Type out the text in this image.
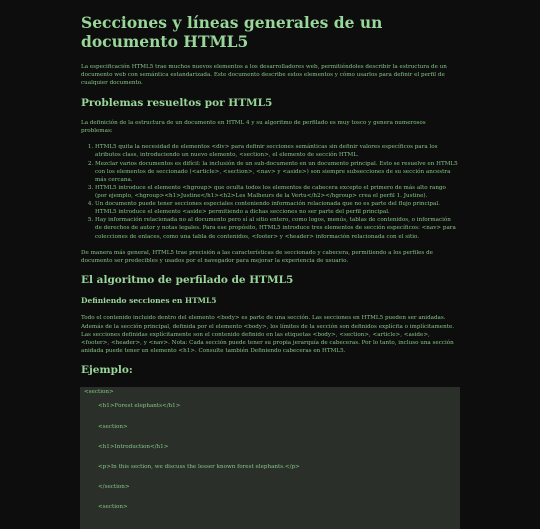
Secciones y líneas generales de un documento HTML5

La especificación HTML5 trae muchos nuevos elementos a los desarrolladores web, permitiéndoles describir la estructura de un documento web con semántica estandarizada. Este documento describe estos elementos y cómo usarlos para definir el perfil de cualquier documento.

Problemas resueltos por HTML5

La definición de la estructura de un documento en HTML 4 y su algoritmo de perfilado es muy tosco y genera numerosos problemas:

1. HTML5 quita la necesidad de elementos <div> para definir secciones semánticas sin definir valores específicos para los atributos class, introduciendo un nuevo elemento, <section>, el elemento de sección HTML.
2. Mezclar varios documentos es difícil: la inclusión de un sub-documento en un documento principal. Esto se resuelve en HTML5 con los elementos de seccionado (<article>, <section>, <nav> y <aside>) son siempre subsecciones de su sección ancestra más cercana.
3. HTML5 introduce el elemento <hgroup> que oculta todos los elementos de cabecera excepto el primero de más alto rango (por ejemplo, <hgroup><h1>Justine</h1><h2>Les Malheurs de la Vertu</h2></hgroup> crea el perfil 1. Justine).
4. Un documento puede tener secciones especiales conteniendo información relacionada que no es parte del flujo principal. HTML5 introduce el elemento <aside> permitiendo a dichas secciones no ser parte del perfil principal.
5. Hay información relacionada no al documento pero sí al sitio entero, como logos, menús, tablas de contenidos, o información de derechos de autor y notas legales. Para ese propósito, HTML5 introduce tres elementos de sección específicos: <nav> para colecciones de enlaces, como una tabla de contenidos, <footer> y <header> información relacionada con el sitio.

De manera más general, HTML5 trae precisión a las características de seccionado y cabecera, permitiendo a los perfiles de documento ser predecibles y usados por el navegador para mejorar la experiencia de usuario.

El algoritmo de perfilado de HTML5
Definiendo secciones en HTML5

Todo el contenido incluido dentro del elemento <body> es parte de una sección. Las secciones en HTML5 pueden ser anidadas. Además de la sección principal, definida por el elemento <body>, los límites de la sección son definidos explícita o implícitamente. Las secciones definidas explícitamente son el contenido definido en las etiquetas <body>, <section>, <article>, <aside>, <footer>, <header>, y <nav>. Nota: Cada sección puede tener su propia jerarquía de cabeceras. Por lo tanto, incluso una sección anidada puede tener un elemento <h1>. Consulte también Definiendo cabeceras en HTML5.

Ejemplo:
<section>
<h1>Forest elephants</h1>
<section>
<h1>Introduction</h1>
<p>In this section, we discuss the lesser known forest elephants.</p>
</section>
<section>
